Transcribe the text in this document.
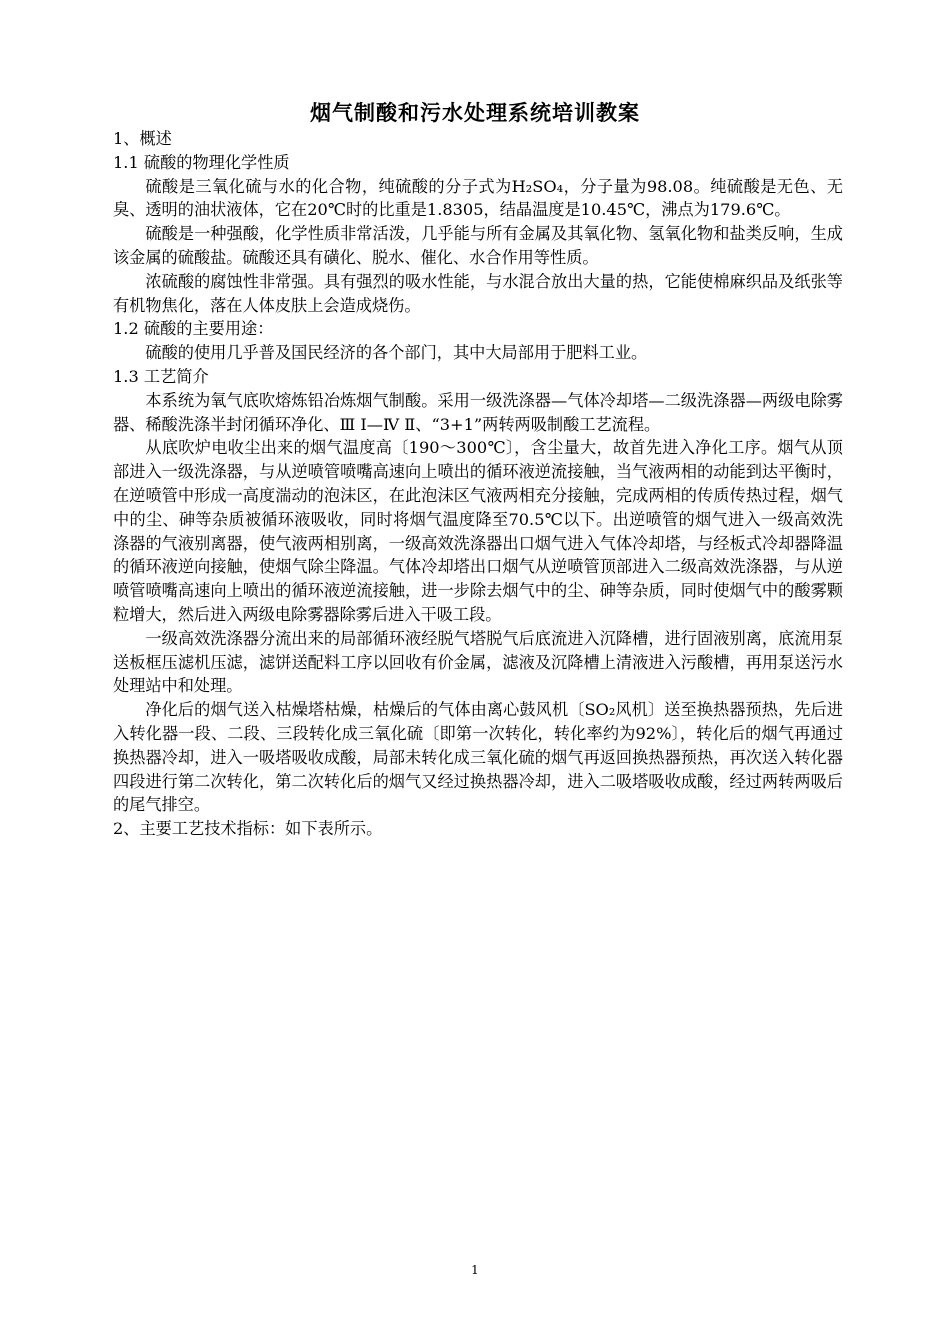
烟气制酸和污水处理系统培训教案
1、概述
1.1 硫酸的物理化学性质
硫酸是三氧化硫与水的化合物，纯硫酸的分子式为H₂SO₄，分子量为98.08。纯硫酸是无色、无臭、透明的油状液体，它在20℃时的比重是1.8305，结晶温度是10.45℃，沸点为179.6℃。
硫酸是一种强酸，化学性质非常活泼，几乎能与所有金属及其氧化物、氢氧化物和盐类反响，生成该金属的硫酸盐。硫酸还具有磺化、脱水、催化、水合作用等性质。
浓硫酸的腐蚀性非常强。具有强烈的吸水性能，与水混合放出大量的热，它能使棉麻织品及纸张等有机物焦化，落在人体皮肤上会造成烧伤。
1.2 硫酸的主要用途：
硫酸的使用几乎普及国民经济的各个部门，其中大局部用于肥料工业。
1.3 工艺简介
本系统为氧气底吹熔炼铅冶炼烟气制酸。采用一级洗涤器—气体冷却塔—二级洗涤器—两级电除雾器、稀酸洗涤半封闭循环净化、Ⅲ Ⅰ—Ⅳ Ⅱ、“3+1”两转两吸制酸工艺流程。
从底吹炉电收尘出来的烟气温度高〔190～300℃〕，含尘量大，故首先进入净化工序。烟气从顶部进入一级洗涤器，与从逆喷管喷嘴高速向上喷出的循环液逆流接触，当气液两相的动能到达平衡时，在逆喷管中形成一高度湍动的泡沫区，在此泡沫区气液两相充分接触，完成两相的传质传热过程，烟气中的尘、砷等杂质被循环液吸收，同时将烟气温度降至70.5℃以下。出逆喷管的烟气进入一级高效洗涤器的气液别离器，使气液两相别离，一级高效洗涤器出口烟气进入气体冷却塔，与经板式冷却器降温的循环液逆向接触，使烟气除尘降温。气体冷却塔出口烟气从逆喷管顶部进入二级高效洗涤器，与从逆喷管喷嘴高速向上喷出的循环液逆流接触，进一步除去烟气中的尘、砷等杂质，同时使烟气中的酸雾颗粒增大，然后进入两级电除雾器除雾后进入干吸工段。
一级高效洗涤器分流出来的局部循环液经脱气塔脱气后底流进入沉降槽，进行固液别离，底流用泵送板框压滤机压滤，滤饼送配料工序以回收有价金属，滤液及沉降槽上清液进入污酸槽，再用泵送污水处理站中和处理。
净化后的烟气送入枯燥塔枯燥，枯燥后的气体由离心鼓风机〔SO₂风机〕送至换热器预热，先后进入转化器一段、二段、三段转化成三氧化硫〔即第一次转化，转化率约为92%〕，转化后的烟气再通过换热器冷却，进入一吸塔吸收成酸，局部未转化成三氧化硫的烟气再返回换热器预热，再次送入转化器四段进行第二次转化，第二次转化后的烟气又经过换热器冷却，进入二吸塔吸收成酸，经过两转两吸后的尾气排空。
2、主要工艺技术指标：如下表所示。
1
